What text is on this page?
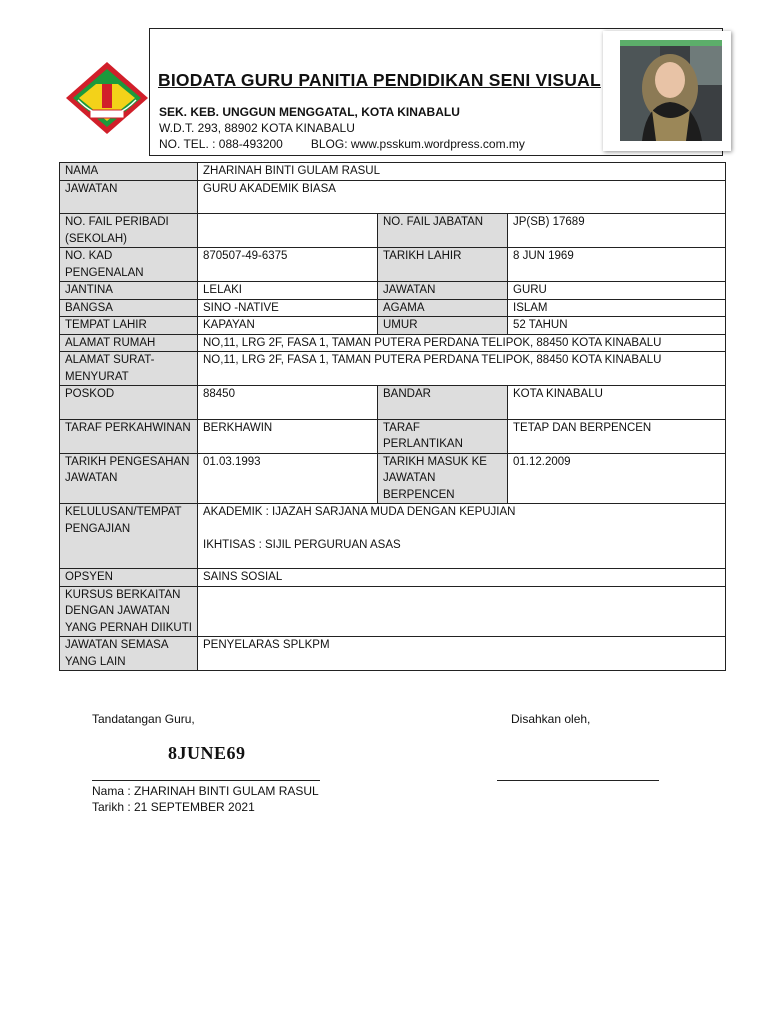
BIODATA GURU PANITIA PENDIDIKAN SENI VISUAL
SEK. KEB. UNGGUN MENGGATAL, KOTA KINABALU
W.D.T. 293, 88902 KOTA KINABALU
NO. TEL. : 088-493200 BLOG: www.psskum.wordpress.com.my
NAMA	ZHARINAH BINTI GULAM RASUL		

JAWATAN	GURU AKADEMIK BIASA		
NO. FAIL PERIBADI (SEKOLAH)		NO. FAIL JABATAN	JP(SB) 17689
NO. KAD PENGENALAN	870507-49-6375	TARIKH LAHIR	8 JUN 1969
JANTINA	LELAKI	JAWATAN	GURU
BANGSA	SINO -NATIVE	AGAMA	ISLAM
TEMPAT LAHIR	KAPAYAN	UMUR	52 TAHUN
ALAMAT RUMAH	NO,11, LRG 2F, FASA 1, TAMAN PUTERA PERDANA TELIPOK, 88450 KOTA KINABALU		
ALAMAT SURAT-MENYURAT	NO,11, LRG 2F, FASA 1, TAMAN PUTERA PERDANA TELIPOK, 88450 KOTA KINABALU		

POSKOD	88450	BANDAR	KOTA KINABALU
TARAF PERKAHWINAN	BERKHAWIN	TARAF PERLANTIKAN	TETAP DAN BERPENCEN
TARIKH PENGESAHAN JAWATAN	01.03.1993	TARIKH MASUK KE JAWATAN BERPENCEN	01.12.2009
KELULUSAN/TEMPAT PENGAJIAN	AKADEMIK : IJAZAH SARJANA MUDA DENGAN KEPUJIAN
IKHTISAS : SIJIL PERGURUAN ASAS		

OPSYEN	SAINS SOSIAL		
KURSUS BERKAITAN DENGAN JAWATAN YANG PERNAH DIIKUTI			
JAWATAN SEMASA YANG LAIN	PENYELARAS SPLKPM		
Tandatangan Guru,	Disahkan oleh,
8JUNE69
Nama : ZHARINAH BINTI GULAM RASUL
Tarikh : 21 SEPTEMBER 2021
